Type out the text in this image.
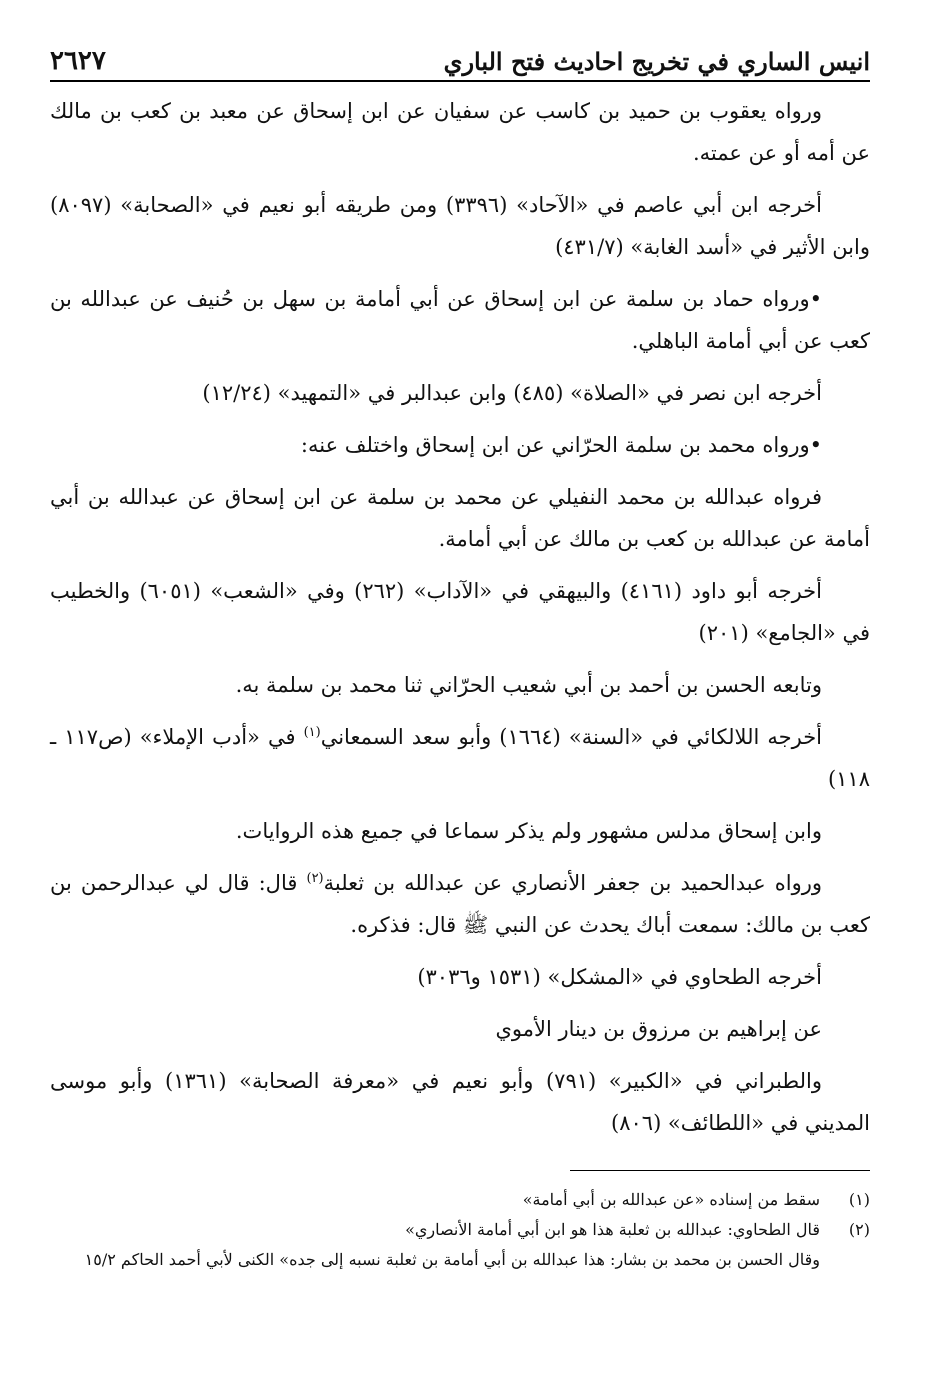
انيس الساري في تخريج احاديث فتح الباري
٢٦٢٧

ورواه يعقوب بن حميد بن كاسب عن سفيان عن ابن إسحاق عن معبد بن كعب بن مالك عن أمه أو عن عمته.

أخرجه ابن أبي عاصم في «الآحاد» (٣٣٩٦) ومن طريقه أبو نعيم في «الصحابة» (٨٠٩٧) وابن الأثير في «أسد الغابة» (٤٣١/٧)

• ورواه حماد بن سلمة عن ابن إسحاق عن أبي أمامة بن سهل بن حُنيف عن عبدالله بن كعب عن أبي أمامة الباهلي.

أخرجه ابن نصر في «الصلاة» (٤٨٥) وابن عبدالبر في «التمهيد» (١٢/٢٤)

• ورواه محمد بن سلمة الحرّاني عن ابن إسحاق واختلف عنه:

فرواه عبدالله بن محمد النفيلي عن محمد بن سلمة عن ابن إسحاق عن عبدالله بن أبي أمامة عن عبدالله بن كعب بن مالك عن أبي أمامة.

أخرجه أبو داود (٤١٦١) والبيهقي في «الآداب» (٢٦٢) وفي «الشعب» (٦٠٥١) والخطيب في «الجامع» (٢٠١)

وتابعه الحسن بن أحمد بن أبي شعيب الحرّاني ثنا محمد بن سلمة به.

أخرجه اللالكائي في «السنة» (١٦٦٤) وأبو سعد السمعاني$^{(١)}$ في «أدب الإملاء» (ص١١٧ ـ ١١٨)

وابن إسحاق مدلس مشهور ولم يذكر سماعا في جميع هذه الروايات.

ورواه عبدالحميد بن جعفر الأنصاري عن عبدالله بن ثعلبة$^{(٢)}$ قال: قال لي عبدالرحمن بن كعب بن مالك: سمعت أباك يحدث عن النبي ﷺ قال: فذكره.

أخرجه الطحاوي في «المشكل» (١٥٣١ و٣٠٣٦)

عن إبراهيم بن مرزوق بن دينار الأموي

والطبراني في «الكبير» (٧٩١) وأبو نعيم في «معرفة الصحابة» (١٣٦١) وأبو موسى المديني في «اللطائف» (٨٠٦)

(١)سقط من إسناده «عن عبدالله بن أبي أمامة»

(٢)قال الطحاوي: عبدالله بن ثعلبة هذا هو ابن أبي أمامة الأنصاري»

وقال الحسن بن محمد بن بشار: هذا عبدالله بن أبي أمامة بن ثعلبة نسبه إلى جده» الكنى لأبي أحمد الحاكم ١٥/٢
